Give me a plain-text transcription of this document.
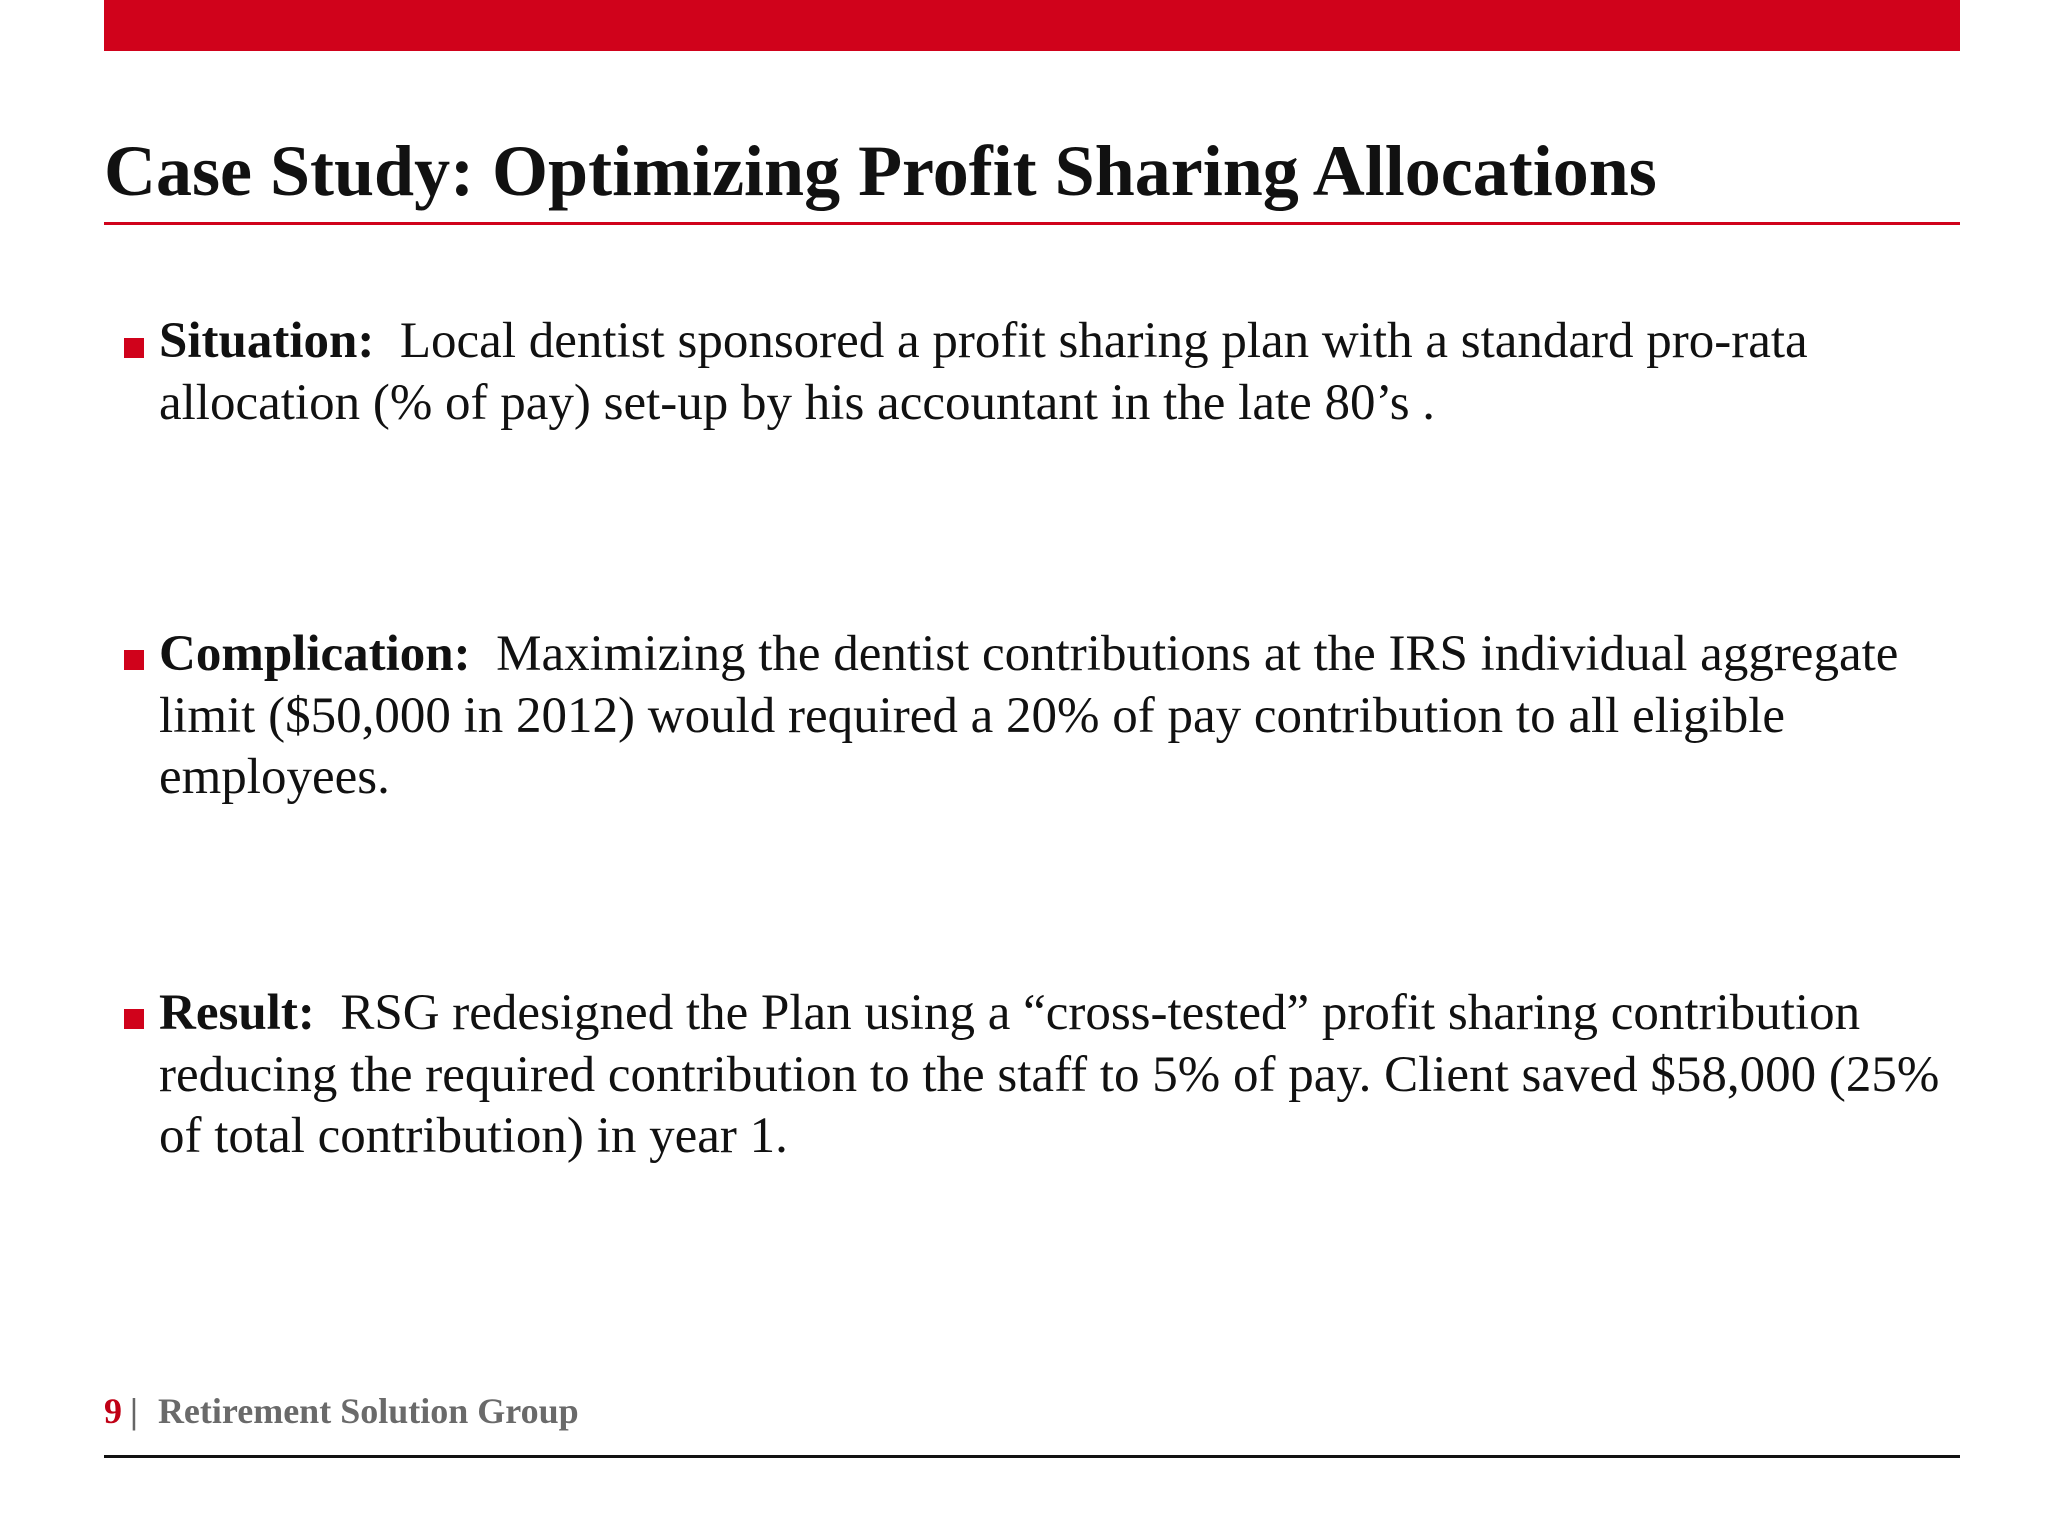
Case Study: Optimizing Profit Sharing Allocations

Situation: Local dentist sponsored a profit sharing plan with a standard pro-rata allocation (% of pay) set-up by his accountant in the late 80’s .

Complication: Maximizing the dentist contributions at the IRS individual aggregate limit ($50,000 in 2012) would required a 20% of pay contribution to all eligible employees.

Result: RSG redesigned the Plan using a “cross-tested” profit sharing contribution reducing the required contribution to the staff to 5% of pay. Client saved $58,000 (25% of total contribution) in year 1.

9 | Retirement Solution Group
